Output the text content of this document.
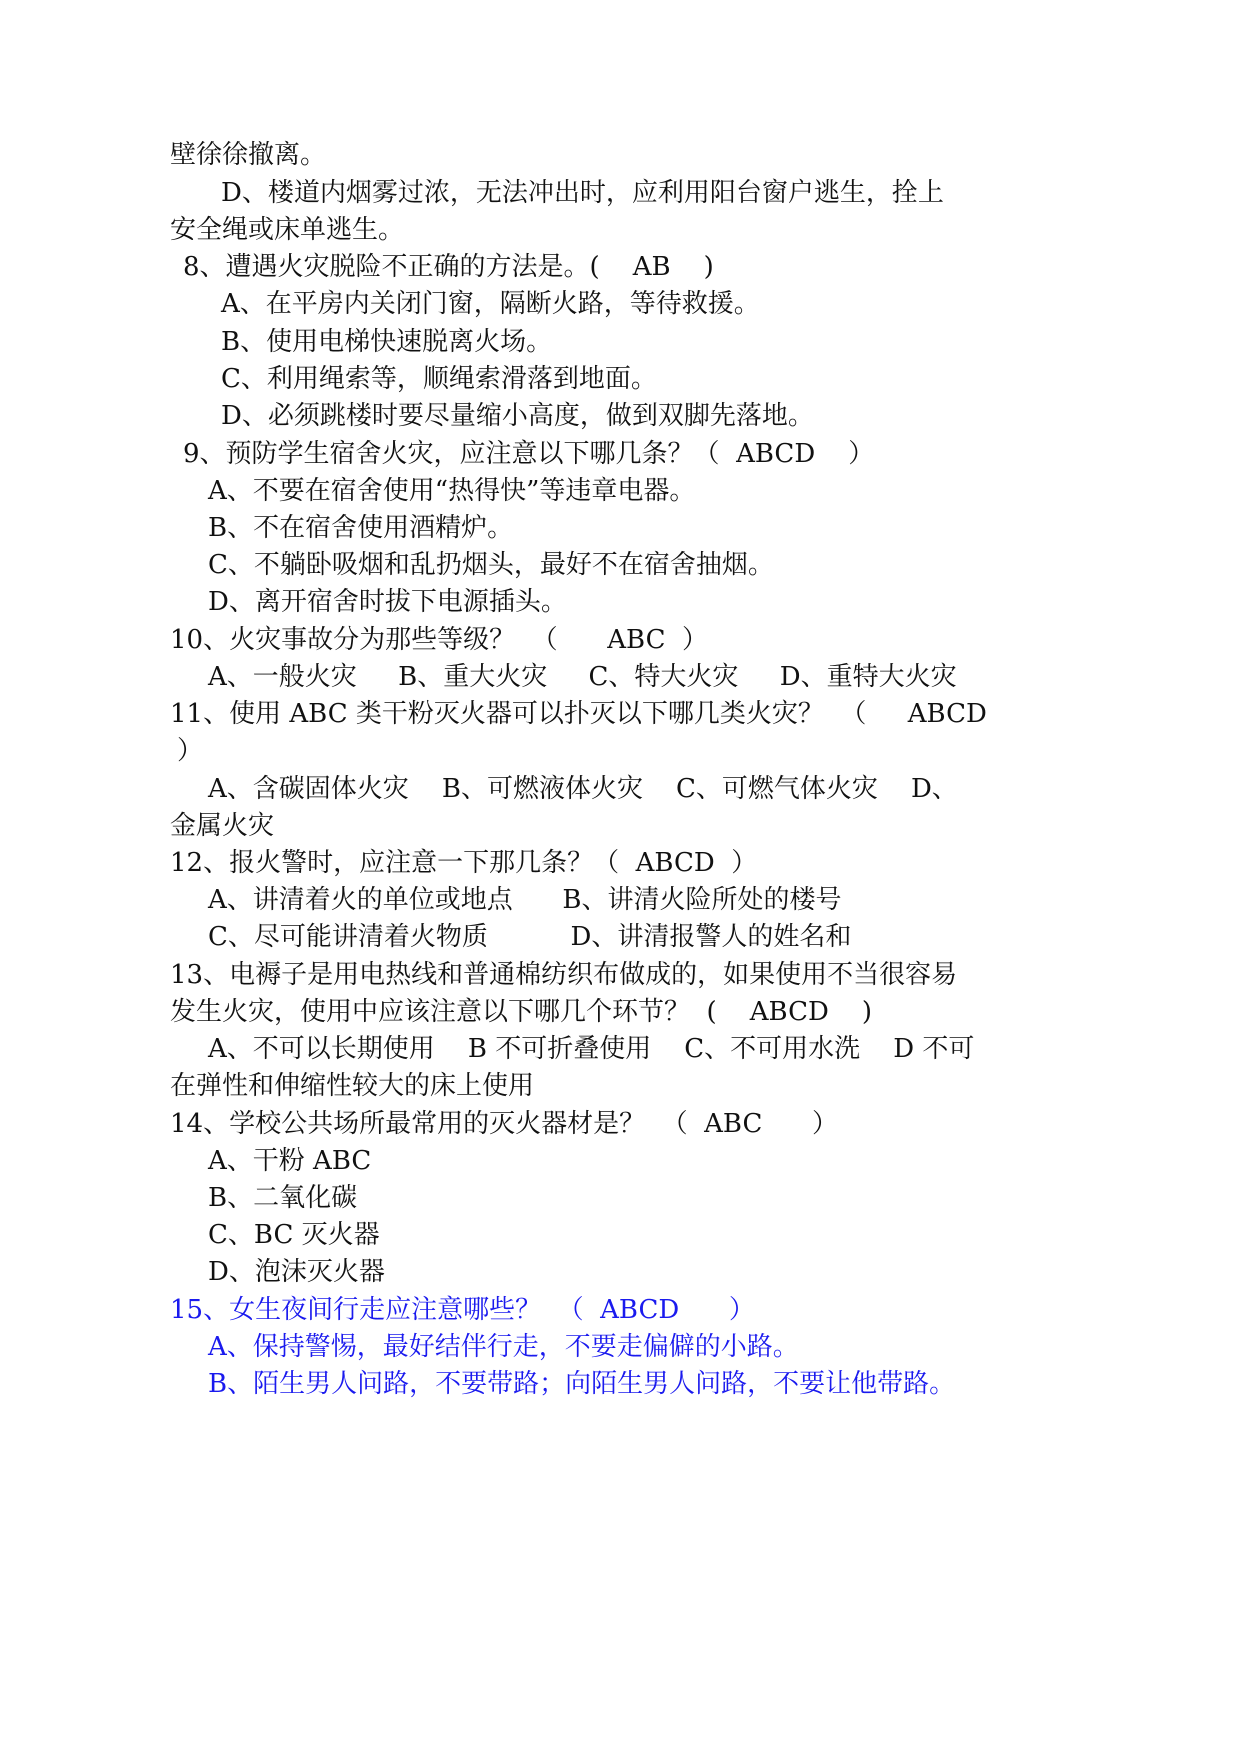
壁徐徐撤离。
D、楼道内烟雾过浓，无法冲出时，应利用阳台窗户逃生，拴上
安全绳或床单逃生。
8、遭遇火灾脱险不正确的方法是。(    AB    )
A、在平房内关闭门窗，隔断火路，等待救援。
B、使用电梯快速脱离火场。
C、利用绳索等，顺绳索滑落到地面。
D、必须跳楼时要尽量缩小高度，做到双脚先落地。
9、预防学生宿舍火灾，应注意以下哪几条？（  ABCD    ）
A、不要在宿舍使用“热得快”等违章电器。
B、不在宿舍使用酒精炉。
C、不躺卧吸烟和乱扔烟头，最好不在宿舍抽烟。
D、离开宿舍时拔下电源插头。
10、火灾事故分为那些等级？  （      ABC  ）
A、一般火灾     B、重大火灾     C、特大火灾     D、重特大火灾
11、使用 ABC 类干粉灭火器可以扑灭以下哪几类火灾？  （     ABCD
）
A、含碳固体火灾    B、可燃液体火灾    C、可燃气体火灾    D、
金属火灾
12、报火警时，应注意一下那几条？（  ABCD  ）
A、讲清着火的单位或地点      B、讲清火险所处的楼号
C、尽可能讲清着火物质          D、讲清报警人的姓名和
13、电褥子是用电热线和普通棉纺织布做成的，如果使用不当很容易
发生火灾，使用中应该注意以下哪几个环节？  (    ABCD    )
A、不可以长期使用    B 不可折叠使用    C、不可用水洗    D 不可
在弹性和伸缩性较大的床上使用
14、学校公共场所最常用的灭火器材是？  （  ABC      ）
A、干粉 ABC
B、二氧化碳
C、BC 灭火器
D、泡沫灭火器
15、女生夜间行走应注意哪些？  （  ABCD      ）
A、保持警惕，最好结伴行走，不要走偏僻的小路。
B、陌生男人问路，不要带路；向陌生男人问路，不要让他带路。
